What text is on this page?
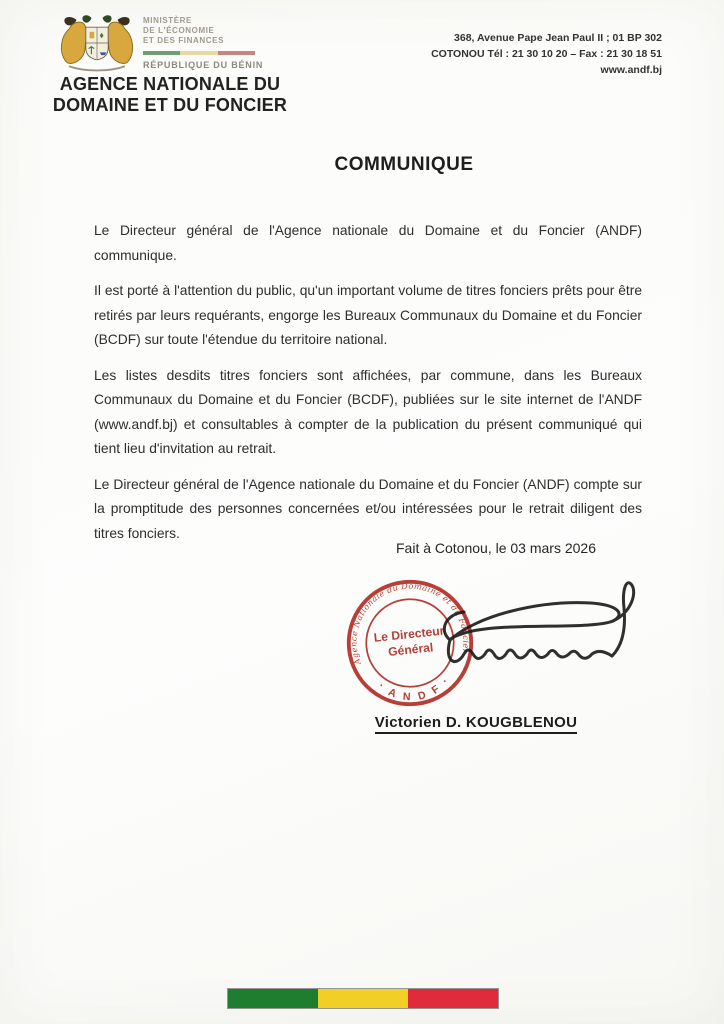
MINISTÈRE
DE L'ÉCONOMIE
ET DES FINANCES
RÉPUBLIQUE DU BÉNIN
AGENCE NATIONALE DU
DOMAINE ET DU FONCIER
368, Avenue Pape Jean Paul II ; 01 BP 302
COTONOU Tél : 21 30 10 20 – Fax : 21 30 18 51
www.andf.bj
COMMUNIQUE

Le Directeur général de l'Agence nationale du Domaine et du Foncier (ANDF) communique.

Il est porté à l'attention du public, qu'un important volume de titres fonciers prêts pour être retirés par leurs requérants, engorge les Bureaux Communaux du Domaine et du Foncier (BCDF) sur toute l'étendue du territoire national.

Les listes desdits titres fonciers sont affichées, par commune, dans les Bureaux Communaux du Domaine et du Foncier (BCDF), publiées sur le site internet de l'ANDF (www.andf.bj) et consultables à compter de la publication du présent communiqué qui tient lieu d'invitation au retrait.

Le Directeur général de l'Agence nationale du Domaine et du Foncier (ANDF) compte sur la promptitude des personnes concernées et/ou intéressées pour le retrait diligent des titres fonciers.

Fait à Cotonou, le 03 mars 2026
Agence Nationale du Domaine et du Foncier
· A N D F ·
Le Directeur
Général
Victorien D. KOUGBLENOU
